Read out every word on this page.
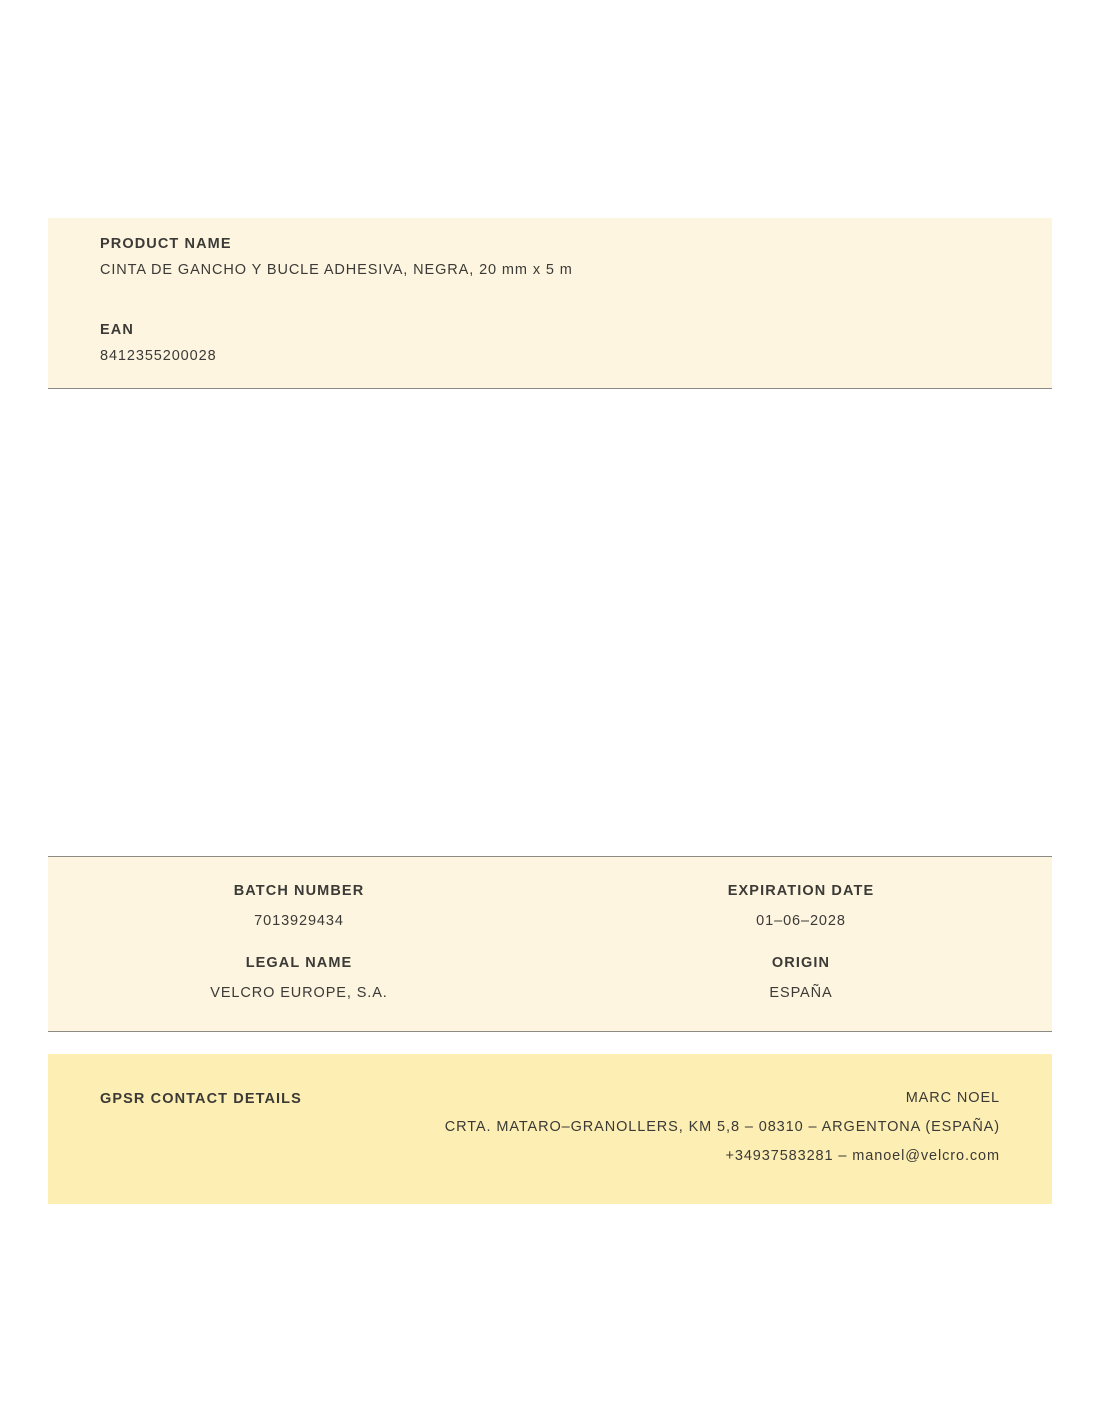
PRODUCT NAME
CINTA DE GANCHO Y BUCLE ADHESIVA, NEGRA, 20 mm x 5 m
EAN
8412355200028
BATCH NUMBER
7013929434
EXPIRATION DATE
01–06–2028
LEGAL NAME
VELCRO EUROPE, S.A.
ORIGIN
ESPAÑA
GPSR CONTACT DETAILS	MARC NOEL
CRTA. MATARO–GRANOLLERS, KM 5,8 – 08310 – ARGENTONA (ESPAÑA)
+34937583281 – manoel@velcro.com
